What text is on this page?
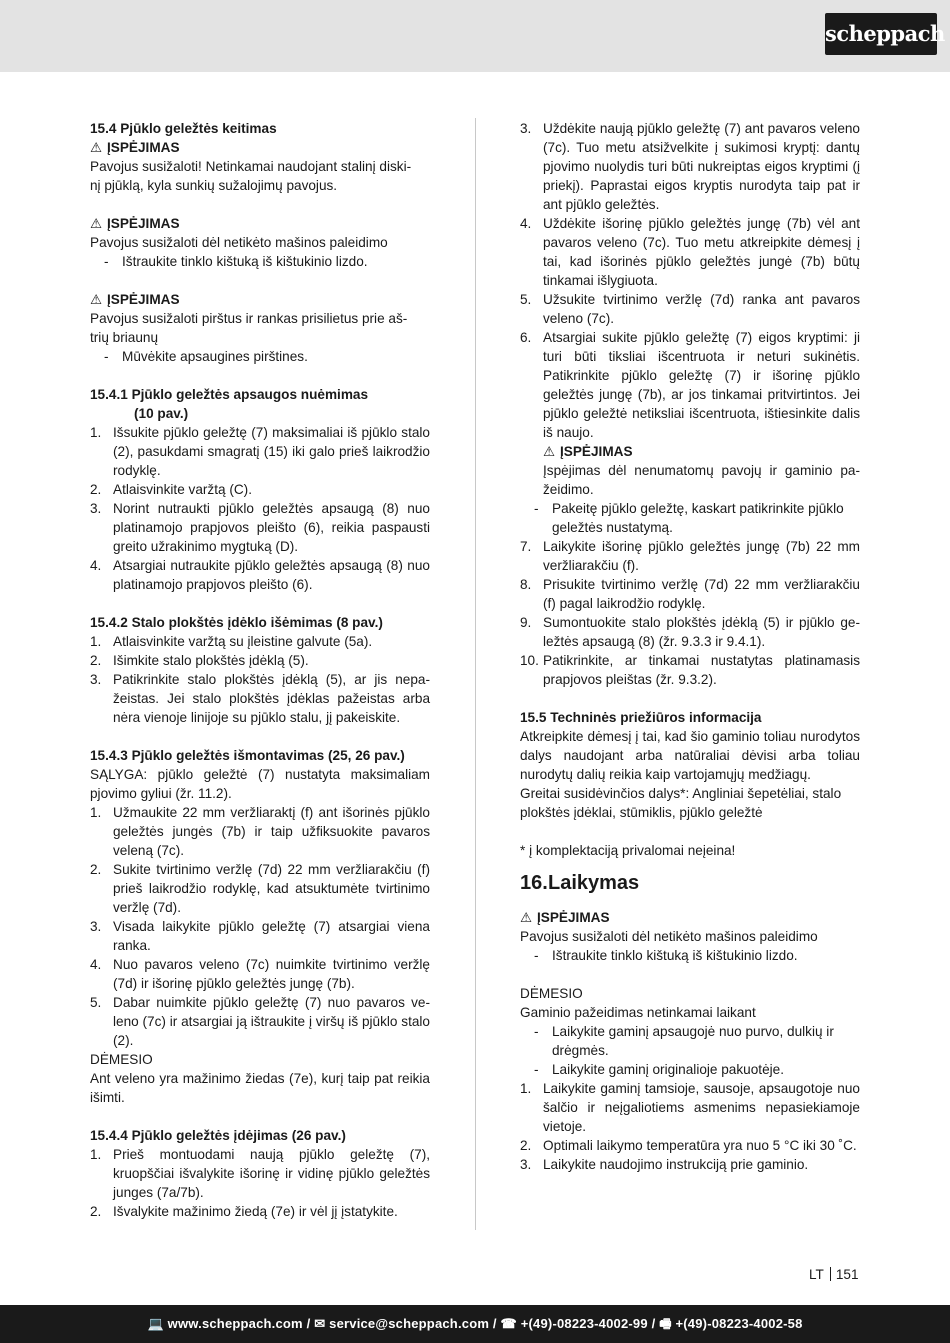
scheppach
15.4 Pjūklo geležtės keitimas
⚠ ĮSPĖJIMAS

Pavojus susižaloti! Netinkamai naudojant stalinį diski-

nį pjūklą, kyla sunkių sužalojimų pavojus.

⚠ ĮSPĖJIMAS

Pavojus susižaloti dėl netikėto mašinos paleidimo

- Ištraukite tinklo kištuką iš kištukinio lizdo.
⚠ ĮSPĖJIMAS

Pavojus susižaloti pirštus ir rankas prisilietus prie aš-

trių briaunų

- Mūvėkite apsaugines pirštines.
15.4.1 Pjūklo geležtės apsaugos nuėmimas
(10 pav.)
1. Išsukite pjūklo geležtę (7) maksimaliai iš pjūklo stalo (2), pasukdami smagratį (15) iki galo prieš laikrodžio rodyklę.
2. Atlaisvinkite varžtą (C).
3. Norint nutraukti pjūklo geležtės apsaugą (8) nuo platinamojo prapjovos pleišto (6), reikia paspausti greito užrakinimo mygtuką (D).
4. Atsargiai nutraukite pjūklo geležtės apsaugą (8) nuo platinamojo prapjovos pleišto (6).
15.4.2 Stalo plokštės įdėklo išėmimas (8 pav.)
1. Atlaisvinkite varžtą su įleistine galvute (5a).
2. Išimkite stalo plokštės įdėklą (5).
3. Patikrinkite stalo plokštės įdėklą (5), ar jis nepažeistas. Jei stalo plokštės įdėklas pažeistas arba nėra vienoje linijoje su pjūklo stalu, jį pakeiskite.
15.4.3 Pjūklo geležtės išmontavimas (25, 26 pav.)

SĄLYGA: pjūklo geležtė (7) nustatyta maksimaliam pjovimo gyliui (žr. 11.2).

1. Užmaukite 22 mm veržliaraktį (f) ant išorinės pjūklo geležtės jungės (7b) ir taip užfiksuokite pavaros veleną (7c).
2. Sukite tvirtinimo veržlę (7d) 22 mm veržliarakčiu (f) prieš laikrodžio rodyklę, kad atsuktumėte tvirtinimo veržlę (7d).
3. Visada laikykite pjūklo geležtę (7) atsargiai viena ranka.
4. Nuo pavaros veleno (7c) nuimkite tvirtinimo veržlę (7d) ir išorinę pjūklo geležtės jungę (7b).
5. Dabar nuimkite pjūklo geležtę (7) nuo pavaros veleno (7c) ir atsargiai ją ištraukite į viršų iš pjūklo stalo (2).

DĖMESIO

Ant veleno yra mažinimo žiedas (7e), kurį taip pat reikia išimti.

15.4.4 Pjūklo geležtės įdėjimas (26 pav.)
1. Prieš montuodami naują pjūklo geležtę (7), kruopščiai išvalykite išorinę ir vidinę pjūklo geležtės junges (7a/7b).
2. Išvalykite mažinimo žiedą (7e) ir vėl jį įstatykite.
3. Uždėkite naują pjūklo geležtę (7) ant pavaros veleno (7c). Tuo metu atsižvelkite į sukimosi kryptį: dantų pjovimo nuolydis turi būti nukreiptas eigos kryptimi (į priekį). Paprastai eigos kryptis nurodyta taip pat ir ant pjūklo geležtės.
4. Uždėkite išorinę pjūklo geležtės jungę (7b) vėl ant pavaros veleno (7c). Tuo metu atkreipkite dėmesį į tai, kad išorinės pjūklo geležtės jungė (7b) būtų tinkamai išlygiuota.
5. Užsukite tvirtinimo veržlę (7d) ranka ant pavaros veleno (7c).
6. Atsargiai sukite pjūklo geležtę (7) eigos kryptimi: ji turi būti tiksliai išcentruota ir neturi sukinėtis. Patikrinkite pjūklo geležtę (7) ir išorinę pjūklo geležtės jungę (7b), ar jos tinkamai pritvirtintos. Jei pjūklo geležtė netiksliai išcentruota, ištiesinkite dalis iš naujo.
⚠ ĮSPĖJIMAS

Įspėjimas dėl nenumatomų pavojų ir gaminio pažeidimo.

- Pakeitę pjūklo geležtę, kaskart patikrinkite pjūklo geležtės nustatymą.
7. Laikykite išorinę pjūklo geležtės jungę (7b) 22 mm veržliarakčiu (f).
8. Prisukite tvirtinimo veržlę (7d) 22 mm veržliarakčiu (f) pagal laikrodžio rodyklę.
9. Sumontuokite stalo plokštės įdėklą (5) ir pjūklo geležtės apsaugą (8) (žr. 9.3.3 ir 9.4.1).
10. Patikrinkite, ar tinkamai nustatytas platinamasis prapjovos pleištas (žr. 9.3.2).
15.5 Techninės priežiūros informacija

Atkreipkite dėmesį į tai, kad šio gaminio toliau nurodytos dalys naudojant arba natūraliai dėvisi arba toliau nurodytų dalių reikia kaip vartojamųjų medžiagų.

Greitai susidėvinčios dalys*: Angliniai šepetėliai, stalo plokštės įdėklai, stūmiklis, pjūklo geležtė

* į komplektaciją privalomai neįeina!

16. Laikymas
⚠ ĮSPĖJIMAS

Pavojus susižaloti dėl netikėto mašinos paleidimo

- Ištraukite tinklo kištuką iš kištukinio lizdo.

DĖMESIO

Gaminio pažeidimas netinkamai laikant

- Laikykite gaminį apsaugojė nuo purvo, dulkių ir drėgmės.
- Laikykite gaminį originalioje pakuotėje.
1. Laikykite gaminį tamsioje, sausoje, apsaugotoje nuo šalčio ir neįgaliotiems asmenims nepasiekiamoje vietoje.
2. Optimali laikymo temperatūra yra nuo 5 °C iki 30 ˚C.
3. Laikykite naudojimo instrukciją prie gaminio.
LT 151
💻 www.scheppach.com / ✉ service@scheppach.com / ☎ +(49)-08223-4002-99 / 🖷 +(49)-08223-4002-58
